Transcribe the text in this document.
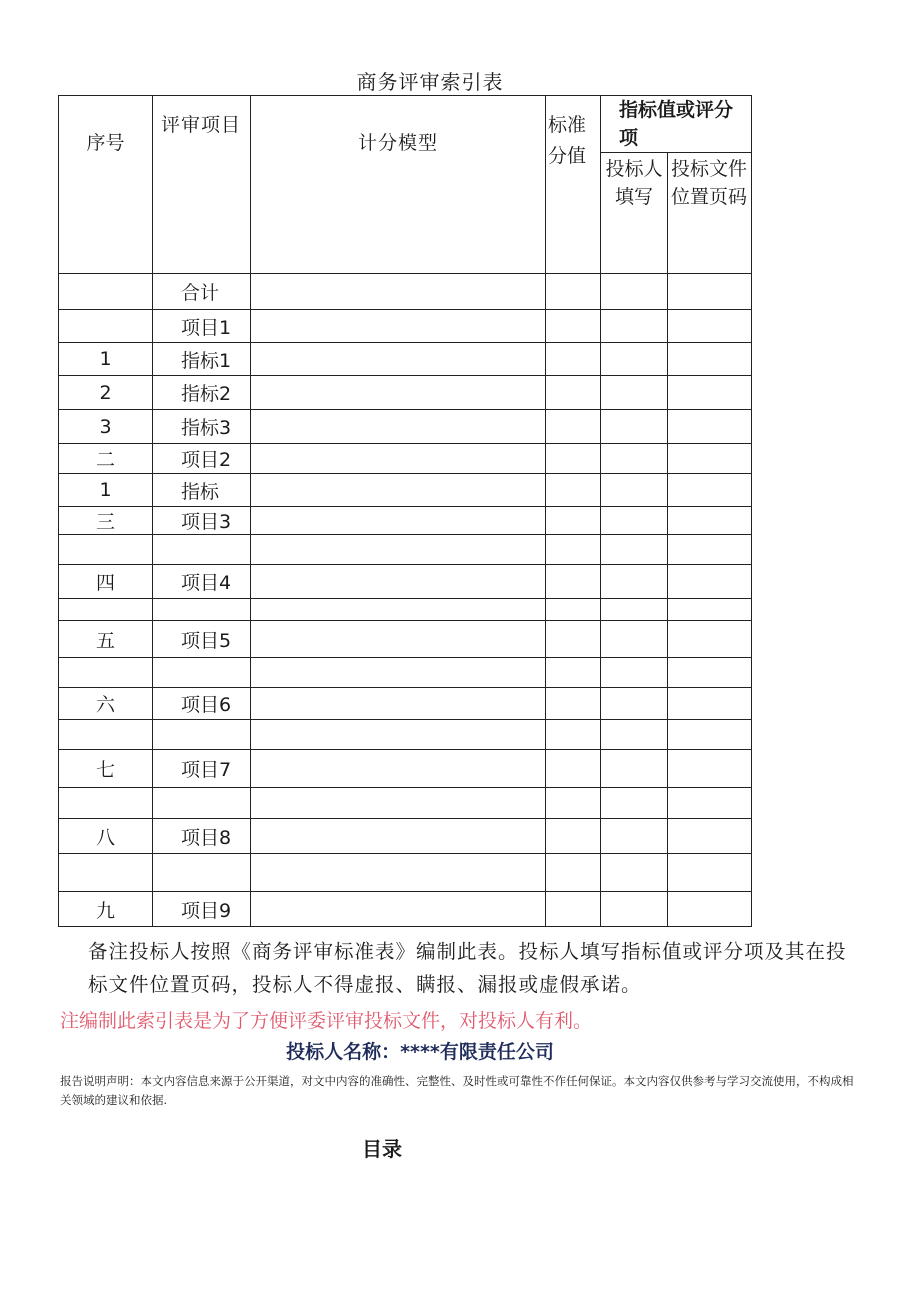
商务评审索引表
序号	评审项目	计分模型	标准分值	指标值或评分项	
				投标人填写	投标文件位置页码
	合计				
	项目1				
1	指标1				
2	指标2				
3	指标3				
二	项目2				
1	指标				
三	项目3				

四	项目4				

五	项目5				

六	项目6				

七	项目7				

八	项目8				

九	项目9				
备注投标人按照《商务评审标准表》编制此表。投标人填写指标值或评分项及其在投标文件位置页码，投标人不得虚报、瞒报、漏报或虚假承诺。
注编制此索引表是为了方便评委评审投标文件，对投标人有利。
投标人名称：****有限责任公司
报告说明声明：本文内容信息来源于公开渠道，对文中内容的准确性、完整性、及时性或可靠性不作任何保证。本文内容仅供参考与学习交流使用，不构成相关领域的建议和依据.
目录
